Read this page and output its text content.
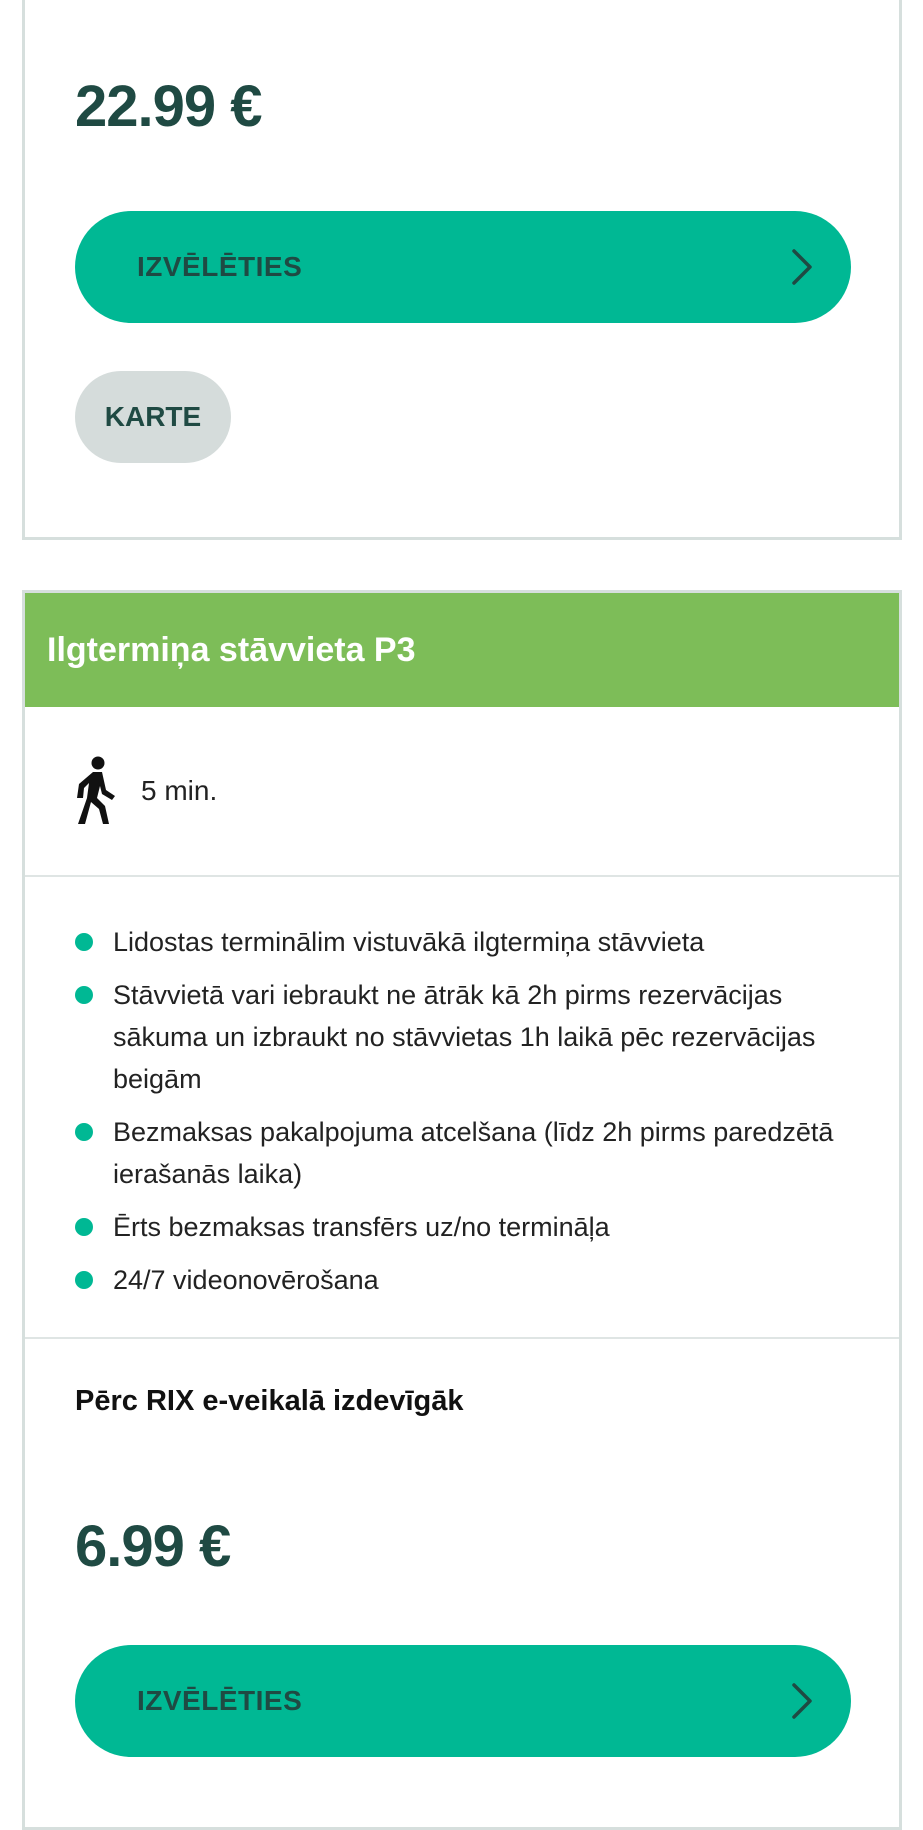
22.99 €
IZVĒLĒTIES
KARTE
Ilgtermiņa stāvvieta P3
5 min.
Lidostas terminālim vistuvākā ilgtermiņa stāvvieta
Stāvvietā vari iebraukt ne ātrāk kā 2h pirms rezervācijas sākuma un izbraukt no stāvvietas 1h laikā pēc rezervācijas beigām
Bezmaksas pakalpojuma atcelšana (līdz 2h pirms paredzētā ierašanās laika)
Ērts bezmaksas transfērs uz/no termināļa
24/7 videonovērošana
Pērc RIX e-veikalā izdevīgāk
6.99 €
IZVĒLĒTIES
